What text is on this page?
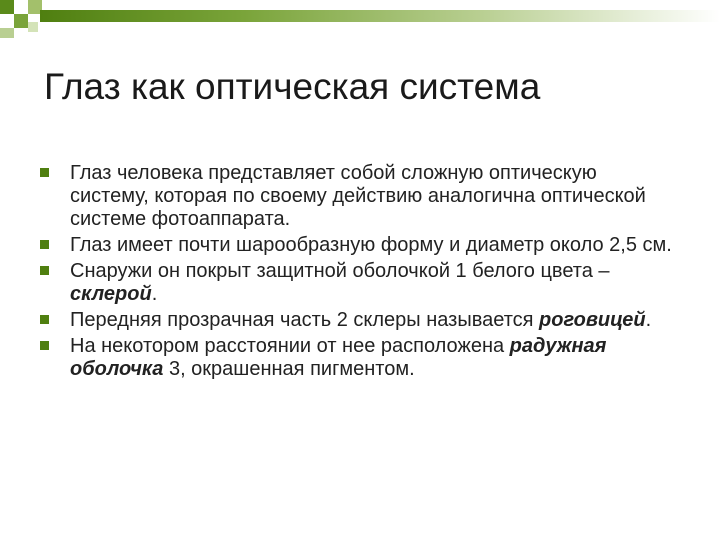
Глаз как оптическая система
Глаз человека представляет собой сложную оптическую систему, которая по своему действию аналогична оптической системе фотоаппарата.
Глаз имеет почти шарообразную форму и диаметр около 2,5 см.
Снаружи он покрыт защитной оболочкой 1 белого цвета – склерой.
Передняя прозрачная часть 2 склеры называется роговицей.
На некотором расстоянии от нее расположена радужная оболочка 3, окрашенная пигментом.
